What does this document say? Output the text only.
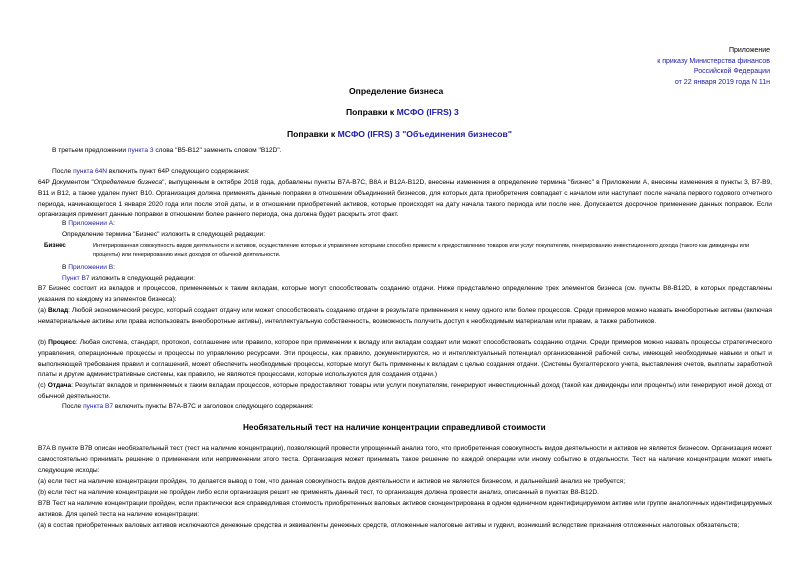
Приложение
к приказу Министерства финансов
Российской Федерации
от 22 января 2019 года N 11н
Определение бизнеса
Поправки к МСФО (IFRS) 3
Поправки к МСФО (IFRS) 3 "Объединения бизнесов"
В третьем предложении пункта 3 слова "B5-B12" заменить словом "B12D".
После пункта 64N включить пункт 64P следующего содержания:
64P Документом "Определение бизнеса", выпущенным в октябре 2018 года, добавлены пункты B7A-B7C, B8A и B12A-B12D, внесены изменения в определение термина "бизнес" в Приложении A, внесены изменения в пункты 3, B7-B9, B11 и B12, а также удален пункт B10. Организация должна применять данные поправки в отношении объединений бизнесов, для которых дата приобретения совпадает с началом или наступает после начала первого годового отчетного периода, начинающегося 1 января 2020 года или после этой даты, и в отношении приобретений активов, которые происходят на дату начала такого периода или после нее. Допускается досрочное применение данных поправок. Если организация применит данные поправки в отношении более раннего периода, она должна будет раскрыть этот факт.
В Приложении А:
Определение термина "Бизнес" изложить в следующей редакции:
Бизнес	Интегрированная совокупность видов деятельности и активов, осуществление которых и управление которыми способно привести к предоставлению товаров или услуг покупателям, генерированию инвестиционного дохода (такого как дивиденды или проценты) или генерированию иных доходов от обычной деятельности.
В Приложении В:
Пункт B7 изложить в следующей редакции:
B7 Бизнес состоит из вкладов и процессов, применяемых к таким вкладам, которые могут способствовать созданию отдачи. Ниже представлено определение трех элементов бизнеса (см. пункты B8-B12D, в которых представлены указания по каждому из элементов бизнеса):
(a) Вклад: Любой экономический ресурс, который создает отдачу или может способствовать созданию отдачи в результате применения к нему одного или более процессов. Среди примеров можно назвать внеоборотные активы (включая нематериальные активы или права использовать внеоборотные активы), интеллектуальную собственность, возможность получить доступ к необходимым материалам или правам, а также работников.
(b) Процесс: Любая система, стандарт, протокол, соглашение или правило, которое при применении к вкладу или вкладам создает или может способствовать созданию отдачи. Среди примеров можно назвать процессы стратегического управления, операционные процессы и процессы по управлению ресурсами. Эти процессы, как правило, документируются, но и интеллектуальный потенциал организованной рабочей силы, имеющей необходимые навыки и опыт и выполняющей требования правил и соглашений, может обеспечить необходимые процессы, которые могут быть применены к вкладам с целью создания отдачи. (Системы бухгалтерского учета, выставления счетов, выплаты заработной платы и другие административные системы, как правило, не являются процессами, которые используются для создания отдачи.)
(c) Отдача: Результат вкладов и применяемых к таким вкладам процессов, которые предоставляют товары или услуги покупателям, генерируют инвестиционный доход (такой как дивиденды или проценты) или генерируют иной доход от обычной деятельности.
После пункта B7 включить пункты B7A-B7C и заголовок следующего содержания:
Необязательный тест на наличие концентрации справедливой стоимости
B7A В пункте B7B описан необязательный тест (тест на наличие концентрации), позволяющий провести упрощенный анализ того, что приобретенная совокупность видов деятельности и активов не является бизнесом. Организация может самостоятельно принимать решение о применении или неприменении этого теста. Организация может принимать такое решение по каждой операции или иному событию в отдельности. Тест на наличие концентрации может иметь следующие исходы:
(a) если тест на наличие концентрации пройден, то делается вывод о том, что данная совокупность видов деятельности и активов не является бизнесом, и дальнейший анализ не требуется;
(b) если тест на наличие концентрации не пройден либо если организация решит не применять данный тест, то организация должна провести анализ, описанный в пунктах B8-B12D.
B7B Тест на наличие концентрации пройден, если практически вся справедливая стоимость приобретенных валовых активов сконцентрирована в одном единичном идентифицируемом активе или группе аналогичных идентифицируемых активов. Для целей теста на наличие концентрации:
(a) в состав приобретенных валовых активов исключаются денежные средства и эквиваленты денежных средств, отложенные налоговые активы и гудвил, возникший вследствие признания отложенных налоговых обязательств;
